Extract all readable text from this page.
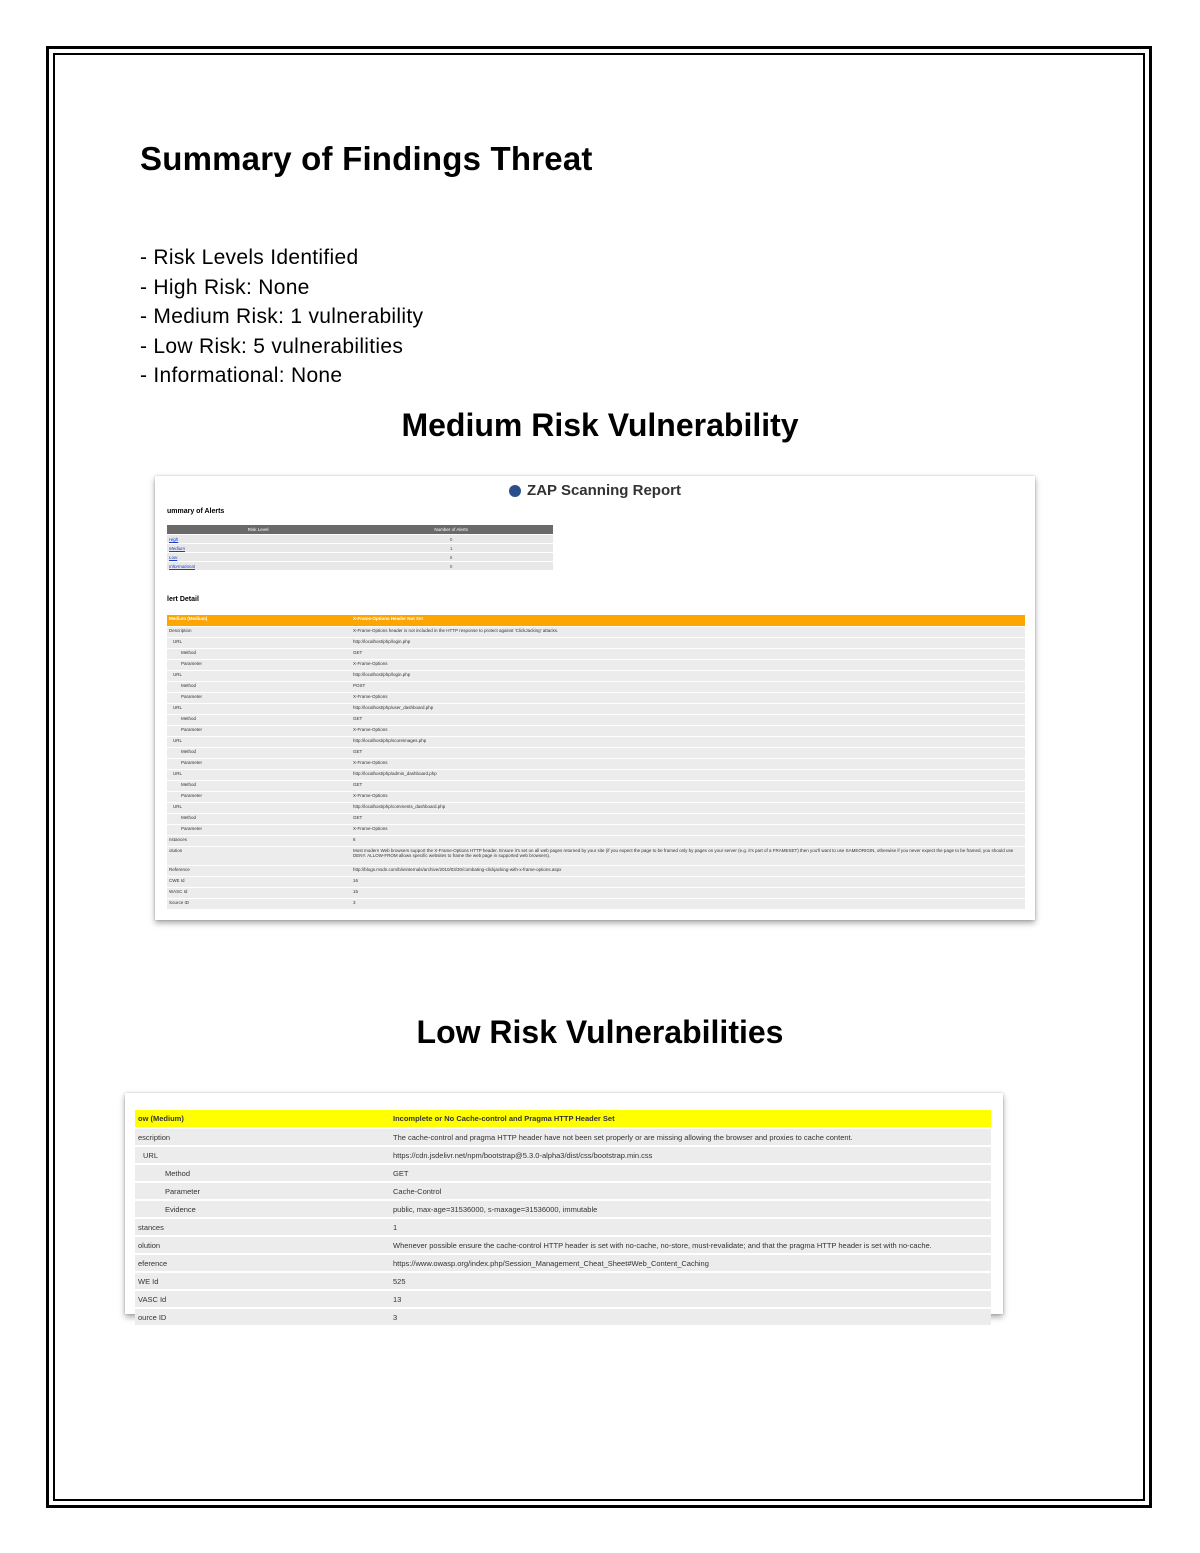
Summary of Findings Threat
- Risk Levels Identified
- High Risk: None
- Medium Risk: 1 vulnerability
- Low Risk: 5 vulnerabilities
- Informational: None
Medium Risk Vulnerability
ZAP Scanning Report
ummary of Alerts
Risk Level	Number of Alerts
High	0
Medium	1
Low	5
Informational	0
lert Detail
Medium (Medium)	X-Frame-Options Header Not Set
Description	X-Frame-Options header is not included in the HTTP response to protect against 'ClickJacking' attacks.
URL	http://localhost/php/login.php
Method	GET
Parameter	X-Frame-Options
URL	http://localhost/php/login.php
Method	POST
Parameter	X-Frame-Options
URL	http://localhost/php/user_dashboard.php
Method	GET
Parameter	X-Frame-Options
URL	http://localhost/php/scoreimages.php
Method	GET
Parameter	X-Frame-Options
URL	http://localhost/php/admin_dashboard.php
Method	GET
Parameter	X-Frame-Options
URL	http://localhost/php/comments_dashboard.php
Method	GET
Parameter	X-Frame-Options
nstances	6
olution	Most modern Web browsers support the X-Frame-Options HTTP header. Ensure it's set on all web pages returned by your site (if you expect the page to be framed only by pages on your server (e.g. it's part of a FRAMESET) then you'll want to use SAMEORIGIN, otherwise if you never expect the page to be framed, you should use DENY. ALLOW-FROM allows specific websites to frame the web page in supported web browsers).
Reference	http://blogs.msdn.com/b/ieinternals/archive/2010/03/30/combating-clickjacking-with-x-frame-options.aspx
CWE Id	16
WASC Id	15
Source ID	3
Low Risk Vulnerabilities
ow (Medium)	Incomplete or No Cache-control and Pragma HTTP Header Set
escription	The cache-control and pragma HTTP header have not been set properly or are missing allowing the browser and proxies to cache content.
URL	https://cdn.jsdelivr.net/npm/bootstrap@5.3.0-alpha3/dist/css/bootstrap.min.css
Method	GET
Parameter	Cache-Control
Evidence	public, max-age=31536000, s-maxage=31536000, immutable
stances	1
olution	Whenever possible ensure the cache-control HTTP header is set with no-cache, no-store, must-revalidate; and that the pragma HTTP header is set with no-cache.
eference	https://www.owasp.org/index.php/Session_Management_Cheat_Sheet#Web_Content_Caching
WE Id	525
VASC Id	13
ource ID	3
